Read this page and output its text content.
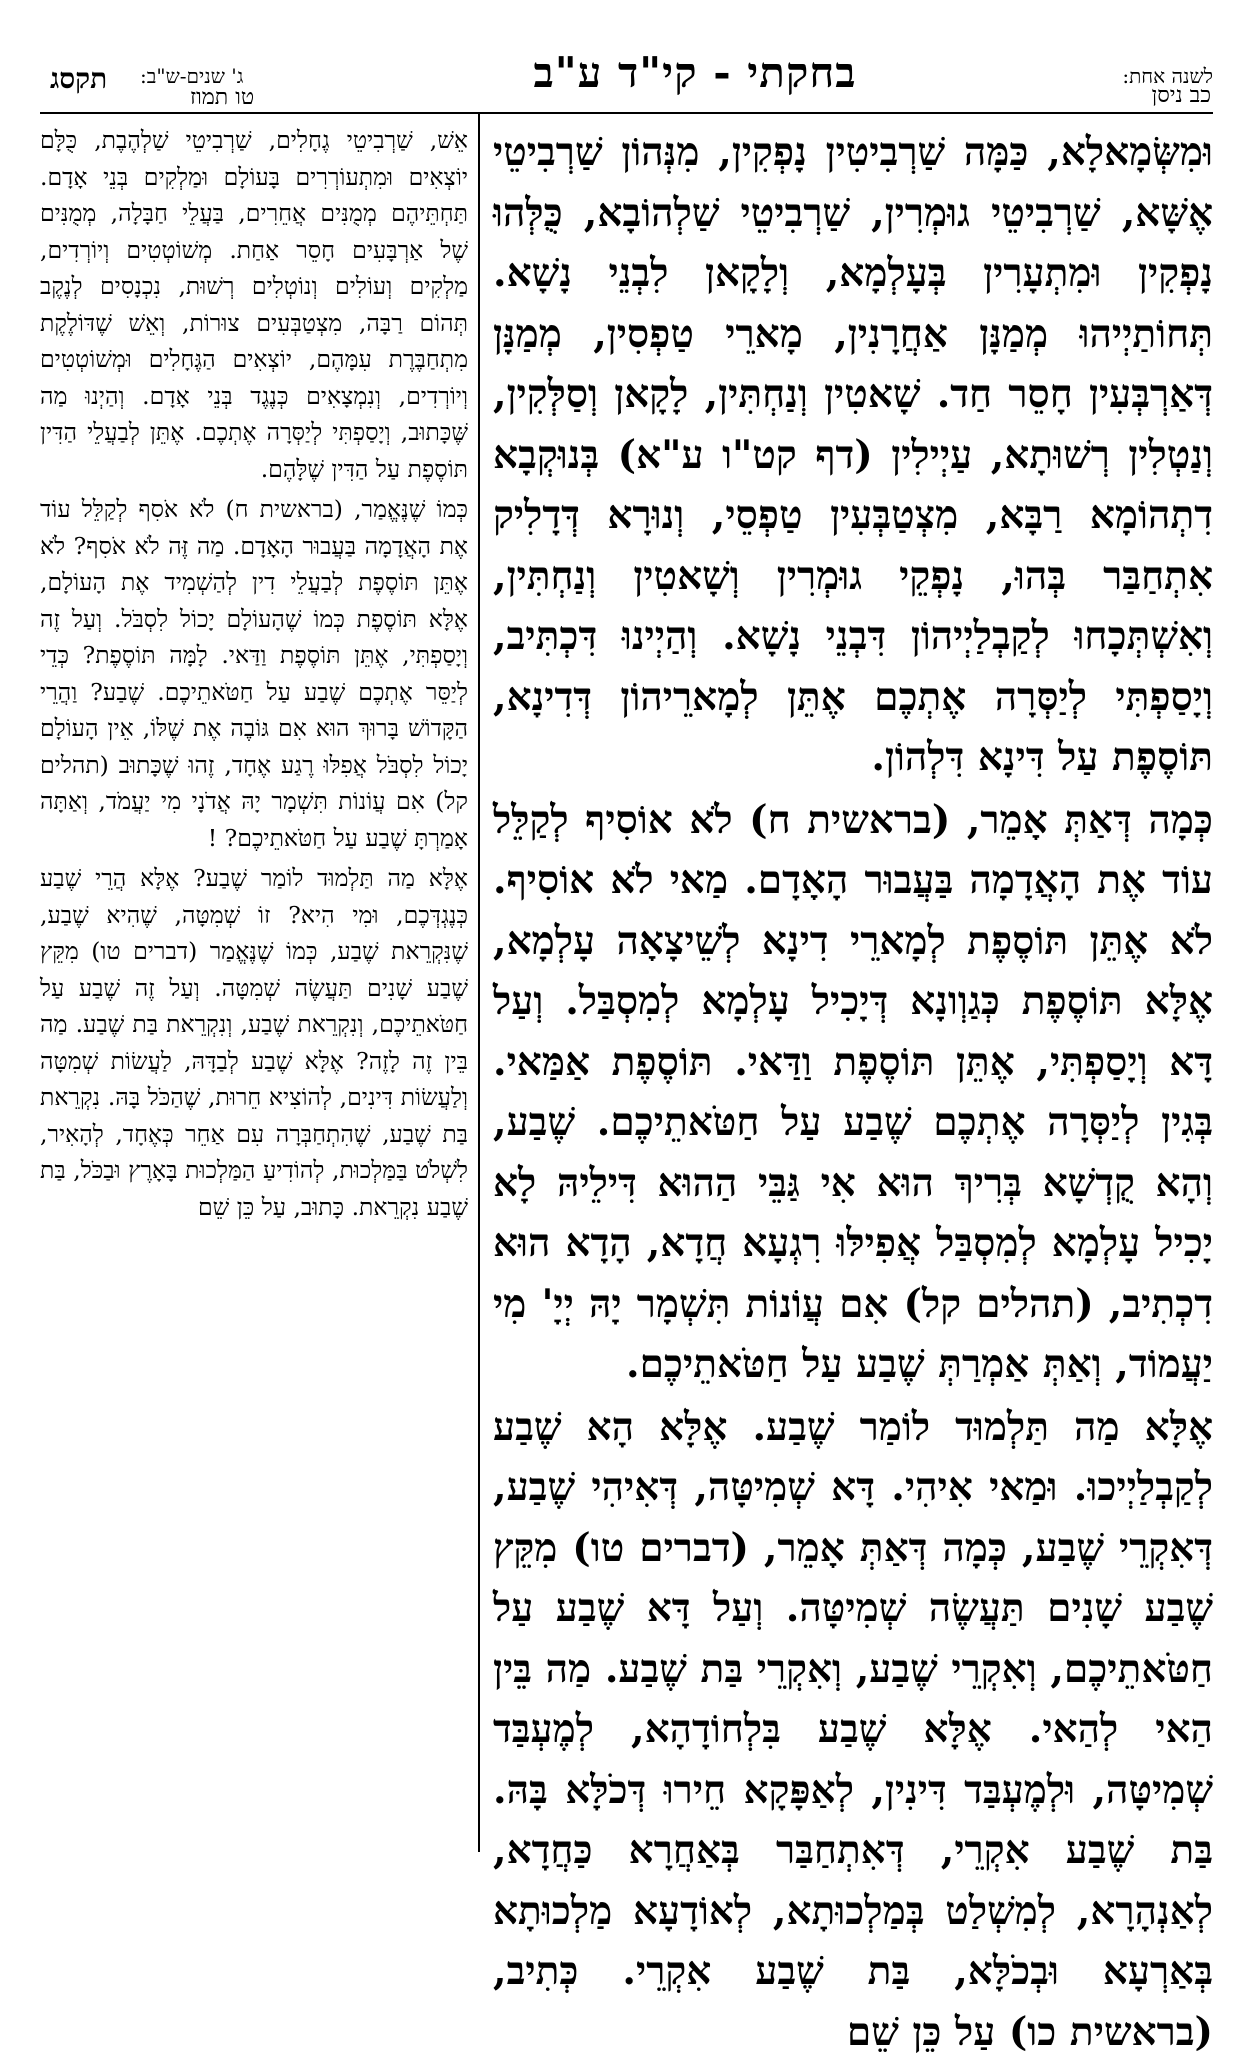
לשנה אחת:
כב ניסן
בחקתי - קי"ד ע"ב
ג' שנים-ש"ב:
טו תמוז
תקסג

וּמִשְּׂמָאלָא, כַּמָּה שַׁרְבִיטִין נָפְקִין, מִנְּהוֹן שַׁרְבִיטֵי אֶשָּׁא, שַׁרְבִיטֵי גוּמְרִין, שַׁרְבִיטֵי שַׁלְהוֹבָא, כֻּלְּהוּ נָפְקִין וּמִתְעָרִין בְּעָלְמָא, וְלָקָאן לִבְנֵי נָשָׁא. תְּחוֹתַיְיהוּ מְמַנָּן אַחֲרָנִין, מָארֵי טַפְסִין, מְמַנָּן דְּאַרְבְּעִין חָסֵר חַד. שָׁאטִין וְנַחְתִּין, לָקָאן וְסַלְּקִין, וְנַטְלִין רְשׁוּתָא, עַיְילִין (דף קט"ו ע"א) בְּנוּקְבָא דִתְהוֹמָא רַבָּא, מִצְטַבְּעִין טַפְסֵי, וְנוּרָא דְּדָלִיק אִתְחַבַּר בְּהוּ, נָפְקֵי גוּמְרִין וְשָׁאטִין וְנַחְתִּין, וְאִשְׁתְּכָחוּ לְקַבְלַיְיהוֹן דִּבְנֵי נָשָׁא. וְהַיְינוּ דִּכְתִּיב, וְיָסַפְתִּי לְיַסְּרָה אֶתְכֶם אֶתֵּן לְמָארֵיהוֹן דְּדִינָא, תּוֹסֶפֶת עַל דִּינָא דִּלְהוֹן.

כְּמָה דְּאַתְּ אָמֵר, (בראשית ח) לֹא אוֹסִיף לְקַלֵּל עוֹד אֶת הָאֲדָמָה בַּעֲבוּר הָאָדָם. מַאי לֹא אוֹסִיף. לֹא אֶתֵּן תּוֹסֶפֶת לְמָארֵי דִינָא לְשֵׁיצָאָה עָלְמָא, אֶלָּא תּוֹסֶפֶת כְּגַוְונָא דְּיָכִיל עָלְמָא לְמִסְבַּל. וְעַל דָּא וְיָסַפְתִּי, אֶתֵּן תּוֹסֶפֶת וַדַּאי. תּוֹסֶפֶת אַמַּאי. בְּגִין לְיַסְּרָה אֶתְכֶם שֶׁבַע עַל חַטֹּאתֵיכֶם. שֶׁבַע, וְהָא קֻדְשָׁא בְּרִיךְ הוּא אִי גַּבֵּי הַהוּא דִּילֵיהּ לָא יָכִיל עָלְמָא לְמִסְבַּל אֲפִילּוּ רִגְעָא חֲדָא, הָדָא הוּא דִכְתִיב, (תהלים קל) אִם עֲוֹנוֹת תִּשְׁמָר יָהּ יְיָ' מִי יַעֲמוֹד, וְאַתְּ אַמְרַתְּ שֶׁבַע עַל חַטֹּאתֵיכֶם.

אֶלָּא מַה תַּלְמוּד לוֹמַר שֶׁבַע. אֶלָּא הָא שֶׁבַע לְקַבְלַיְיכוּ. וּמַאי אִיהִי. דָּא שְׁמִיטָּה, דְּאִיהִי שֶׁבַע, דְּאִקְרֵי שֶׁבַע, כְּמָה דְּאַתְּ אָמֵר, (דברים טו) מִקֵּץ שֶׁבַע שָׁנִים תַּעֲשֶׂה שְׁמִיטָּה. וְעַל דָּא שֶׁבַע עַל חַטֹּאתֵיכֶם, וְאִקְרֵי שֶׁבַע, וְאִקְרֵי בַּת שֶׁבַע. מַה בֵּין הַאי לְהַאי. אֶלָּא שֶׁבַע בִּלְחוֹדָהָא, לְמֶעְבַּד שְׁמִיטָּה, וּלְמֶעְבַּד דִּינִין, לְאַפָּקָא חֵירוּ דְּכֹלָּא בָּהּ. בַּת שֶׁבַע אִקְרֵי, דְּאִתְחַבַּר בְּאַחֲרָא כַּחֲדָא, לְאַנְהָרָא, לְמִשְׁלַט בְּמַלְכוּתָא, לְאוֹדָעָא מַלְכוּתָא בְּאַרְעָא וּבְכֹלָּא, בַּת שֶׁבַע אִקְרֵי. כְּתִיב, (בראשית כו) עַל כֵּן שֵׁם

אֵשׁ, שַׁרְבִיטֵי גֶחָלִים, שַׁרְבִיטֵי שַׁלְהֶבֶת, כֻּלָּם יוֹצְאִים וּמִתְעוֹרְרִים בָּעוֹלָם וּמַלְקִים בְּנֵי אָדָם. תַּחְתֵּיהֶם מְמֻנִּים אֲחֵרִים, בַּעֲלֵי חַבָּלָה, מְמֻנִּים שֶׁל אַרְבָּעִים חָסֵר אַחַת. מְשׁוֹטְטִים וְיוֹרְדִים, מַלְקִים וְעוֹלִים וְנוֹטְלִים רְשׁוּת, נִכְנָסִים לְנֶקֶב תְּהוֹם רַבָּה, מִצְטַבְּעִים צוּרוֹת, וְאֵשׁ שֶׁדּוֹלֶקֶת מִתְחַבֶּרֶת עִמָּהֶם, יוֹצְאִים הַגֶּחָלִים וּמְשׁוֹטְטִים וְיוֹרְדִים, וְנִמְצָאִים כְּנֶגֶד בְּנֵי אָדָם. וְהַיְנוּ מַה שֶּׁכָּתוּב, וְיָסַפְתִּי לְיַסְּרָה אֶתְכֶם. אֶתֵּן לְבַעֲלֵי הַדִּין תּוֹסֶפֶת עַל הַדִּין שֶׁלָּהֶם.

כְּמוֹ שֶׁנֶּאֱמַר, (בראשית ח) לֹא אֹסִף לְקַלֵּל עוֹד אֶת הָאֲדָמָה בַּעֲבוּר הָאָדָם. מַה זֶּה לֹא אֹסִף? לֹא אֶתֵּן תּוֹסֶפֶת לְבַעֲלֵי דִין לְהַשְׁמִיד אֶת הָעוֹלָם, אֶלָּא תּוֹסֶפֶת כְּמוֹ שֶׁהָעוֹלָם יָכוֹל לִסְבֹּל. וְעַל זֶה וְיָסַפְתִּי, אֶתֵּן תּוֹסֶפֶת וַדַּאי. לָמָּה תּוֹסֶפֶת? כְּדֵי לְיַסֵּר אֶתְכֶם שֶׁבַע עַל חַטֹּאתֵיכֶם. שֶׁבַע? וַהֲרֵי הַקָּדוֹשׁ בָּרוּךְ הוּא אִם גּוֹבֶה אֶת שֶׁלּוֹ, אֵין הָעוֹלָם יָכוֹל לִסְבֹּל אֲפִלּוּ רֶגַע אֶחָד, זֶהוּ שֶׁכָּתוּב (תהלים קל) אִם עֲוֹנוֹת תִּשְׁמָר יָהּ אֲדֹנָי מִי יַעֲמֹד, וְאַתָּה אָמַרְתָּ שֶׁבַע עַל חַטֹּאתֵיכֶם? !

אֶלָּא מַה תַּלְמוּד לוֹמַר שֶׁבַע? אֶלָּא הֲרֵי שֶׁבַע כְּנֶגְדְּכֶם, וּמִי הִיא? זוֹ שְׁמִטָּה, שֶׁהִיא שֶׁבַע, שֶׁנִּקְרֵאת שֶׁבַע, כְּמוֹ שֶׁנֶּאֱמַר (דברים טו) מִקֵּץ שֶׁבַע שָׁנִים תַּעֲשֶׂה שְׁמִטָּה. וְעַל זֶה שֶׁבַע עַל חַטֹּאתֵיכֶם, וְנִקְרֵאת שֶׁבַע, וְנִקְרֵאת בַּת שֶׁבַע. מַה בֵּין זֶה לָזֶה? אֶלָּא שֶׁבַע לְבַדָּהּ, לַעֲשׂוֹת שְׁמִטָּה וְלַעֲשׂוֹת דִּינִים, לְהוֹצִיא חֵרוּת, שֶׁהַכֹּל בָּהּ. נִקְרֵאת בַּת שֶׁבַע, שֶׁהִתְחַבְּרָה עִם אַחֵר כְּאֶחָד, לְהָאִיר, לִשְׁלֹט בַּמַּלְכוּת, לְהוֹדִיעַ הַמַּלְכוּת בָּאָרֶץ וּבַכֹּל, בַּת שֶׁבַע נִקְרֵאת. כָּתוּב, עַל כֵּן שֵׁם
